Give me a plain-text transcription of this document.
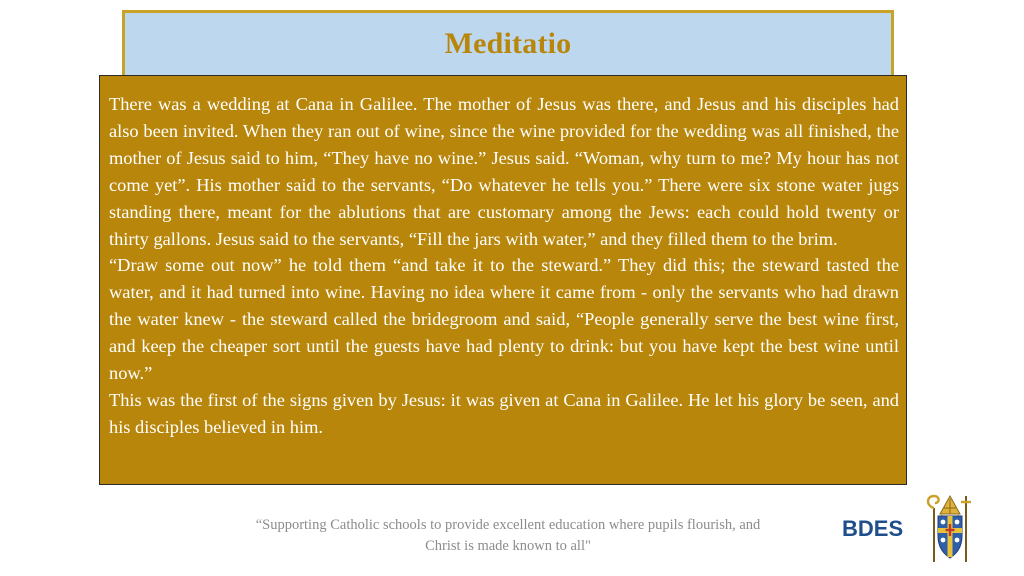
Meditatio

There was a wedding at Cana in Galilee. The mother of Jesus was there, and Jesus and his disciples had also been invited. When they ran out of wine, since the wine provided for the wedding was all finished, the mother of Jesus said to him, “They have no wine.” Jesus said. “Woman, why turn to me? My hour has not come yet”. His mother said to the servants, “Do whatever he tells you.” There were six stone water jugs standing there, meant for the ablutions that are customary among the Jews: each could hold twenty or thirty gallons. Jesus said to the servants, “Fill the jars with water,” and they filled them to the brim.
“Draw some out now” he told them “and take it to the steward.” They did this; the steward tasted the water, and it had turned into wine. Having no idea where it came from - only the servants who had drawn the water knew - the steward called the bridegroom and said, “People generally serve the best wine first, and keep the cheaper sort until the guests have had plenty to drink: but you have kept the best wine until now.”
This was the first of the signs given by Jesus: it was given at Cana in Galilee. He let his glory be seen, and his disciples believed in him.

“Supporting Catholic schools to provide excellent education where pupils flourish, and Christ is made known to all"
BDES
